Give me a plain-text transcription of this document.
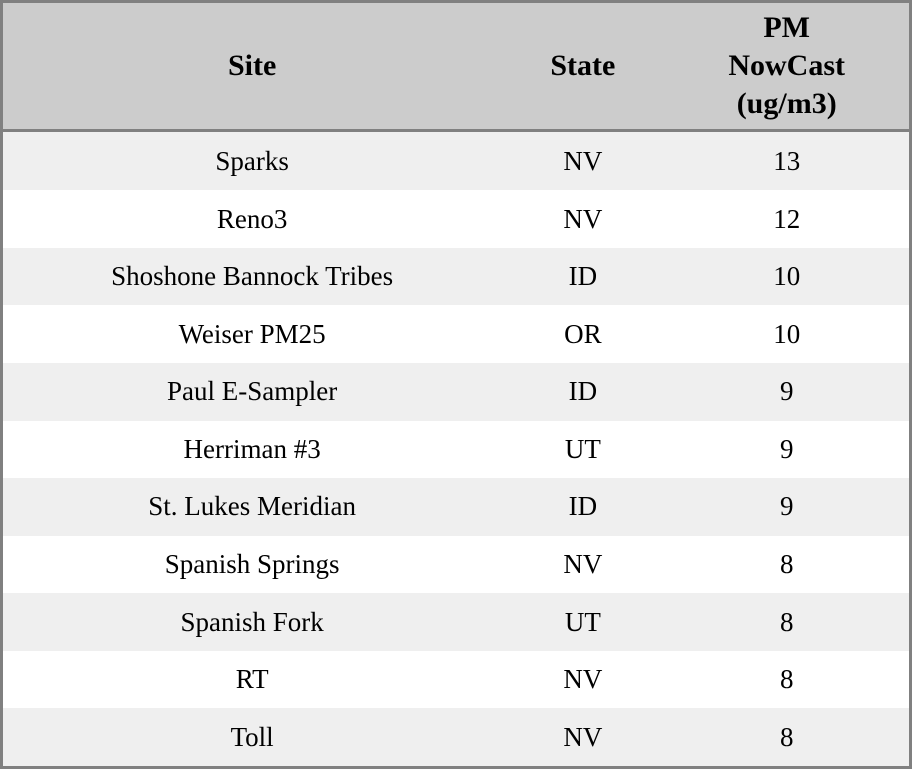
Site	State	PM
NowCast
(ug/m3)

Sparks	NV	13
Reno3	NV	12
Shoshone Bannock Tribes	ID	10
Weiser PM25	OR	10
Paul E-Sampler	ID	9
Herriman #3	UT	9
St. Lukes Meridian	ID	9
Spanish Springs	NV	8
Spanish Fork	UT	8
RT	NV	8
Toll	NV	8
